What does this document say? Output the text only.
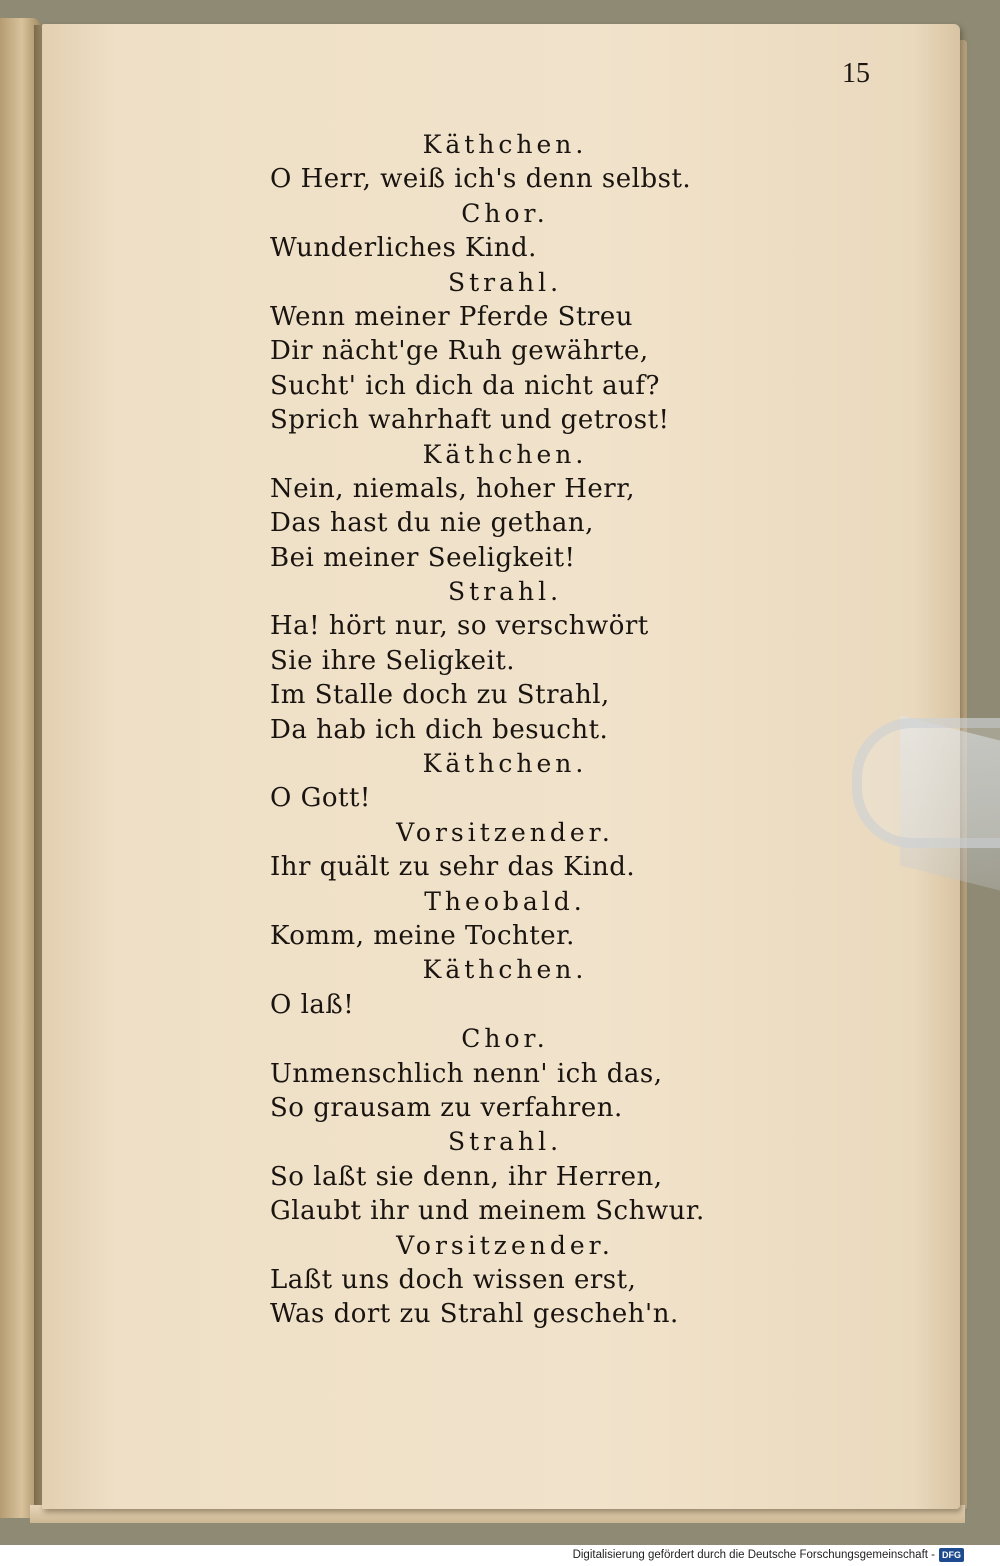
15
Käthchen.
O Herr, weiß ich's denn selbst.
Chor.
Wunderliches Kind.
Strahl.
Wenn meiner Pferde Streu
Dir nächt'ge Ruh gewährte,
Sucht' ich dich da nicht auf?
Sprich wahrhaft und getrost!
Käthchen.
Nein, niemals, hoher Herr,
Das hast du nie gethan,
Bei meiner Seeligkeit!
Strahl.
Ha! hört nur, so verschwört
Sie ihre Seligkeit.
Im Stalle doch zu Strahl,
Da hab ich dich besucht.
Käthchen.
O Gott!
Vorsitzender.
Ihr quält zu sehr das Kind.
Theobald.
Komm, meine Tochter.
Käthchen.
O laß!
Chor.
Unmenschlich nenn' ich das,
So grausam zu verfahren.
Strahl.
So laßt sie denn, ihr Herren,
Glaubt ihr und meinem Schwur.
Vorsitzender.
Laßt uns doch wissen erst,
Was dort zu Strahl gescheh'n.
Digitalisierung gefördert durch die Deutsche Forschungsgemeinschaft - DFG
